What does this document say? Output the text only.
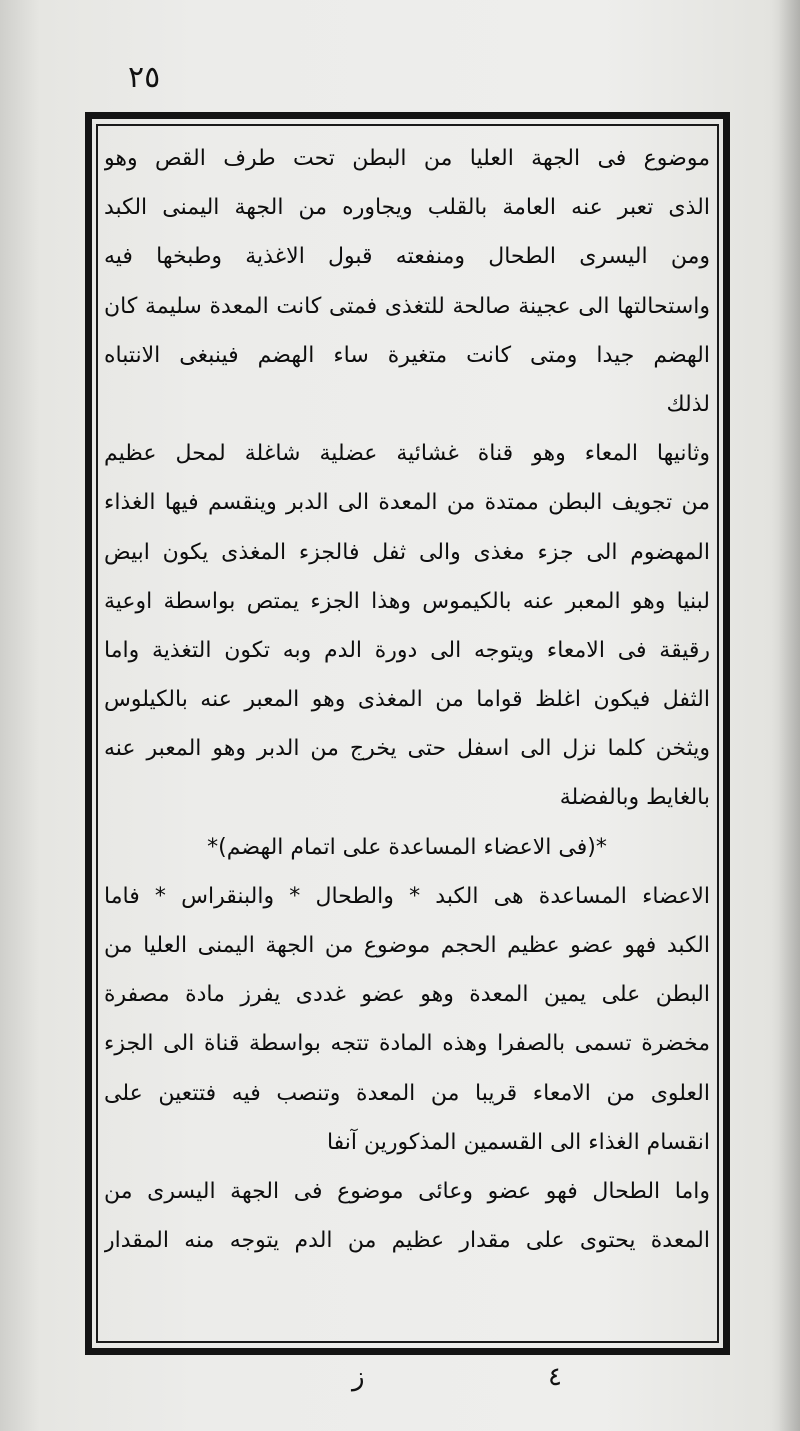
٢٥
موضوع فى الجهة العليا من البطن تحت طرف القص وهو
الذى تعبر عنه العامة بالقلب ويجاوره من الجهة اليمنى الكبد
ومن اليسرى الطحال ومنفعته قبول الاغذية وطبخها فيه
واستحالتها الى عجينة صالحة للتغذى فمتى كانت المعدة سليمة كان
الهضم جيدا ومتى كانت متغيرة ساء الهضم فينبغى الانتباه
لذلك
وثانيها المعاء وهو قناة غشائية عضلية شاغلة لمحل عظيم
من تجويف البطن ممتدة من المعدة الى الدبر وينقسم فيها الغذاء
المهضوم الى جزء مغذى والى ثفل فالجزء المغذى يكون ابيض
لبنيا وهو المعبر عنه بالكيموس وهذا الجزء يمتص بواسطة اوعية
رقيقة فى الامعاء ويتوجه الى دورة الدم وبه تكون التغذية واما
الثفل فيكون اغلظ قواما من المغذى وهو المعبر عنه بالكيلوس
ويثخن كلما نزل الى اسفل حتى يخرج من الدبر وهو المعبر عنه
بالغايط وبالفضلة
*(فى الاعضاء المساعدة على اتمام الهضم)*
الاعضاء المساعدة هى الكبد * والطحال * والبنقراس * فاما
الكبد فهو عضو عظيم الحجم موضوع من الجهة اليمنى العليا من
البطن على يمين المعدة وهو عضو غددى يفرز مادة مصفرة
مخضرة تسمى بالصفرا وهذه المادة تتجه بواسطة قناة الى الجزء
العلوى من الامعاء قريبا من المعدة وتنصب فيه فتتعين على
انقسام الغذاء الى القسمين المذكورين آنفا
واما الطحال فهو عضو وعائى موضوع فى الجهة اليسرى من
المعدة يحتوى على مقدار عظيم من الدم يتوجه منه المقدار
ز	٤
